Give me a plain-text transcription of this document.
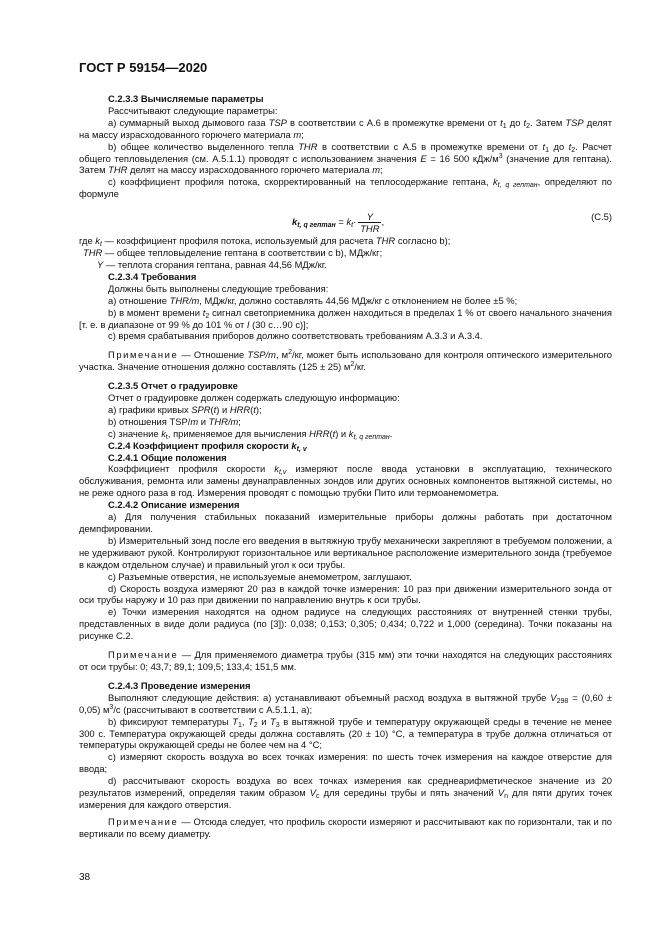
ГОСТ Р 59154—2020

С.2.3.3 Вычисляемые параметры

Рассчитывают следующие параметры:

а) суммарный выход дымового газа TSP в соответствии с А.6 в промежутке времени от $t_1$ до $t_2$. Затем TSP делят на массу израсходованного горючего материала m;

b) общее количество выделенного тепла THR в соответствии с А.5 в промежутке времени от $t_1$ до $t_2$. Расчет общего тепловыделения (см. А.5.1.1) проводят с использованием значения E = 16 500 кДж/$м^3$ (значение для гептана). Затем THR делят на массу израсходованного горючего материала m;

с) коэффициент профиля потока, скорректированный на теплосодержание гептана, $k_{t, q гептан}$, определяют по формуле

$k_{t, q гептан} = k_t\cdot \frac{Y}{\text{THR}}$ ,	(С.5)

где $k_t$ — коэффициент профиля потока, используемый для расчета THR согласно b);

THR — общее тепловыделение гептана в соответствии с b), МДж/кг;

Y — теплота сгорания гептана, равная 44,56 МДж/кг.

С.2.3.4 Требования

Должны быть выполнены следующие требования:

а) отношение THR/m, МДж/кг, должно составлять 44,56 МДж/кг с отклонением не более ±5 %;

b) в момент времени $t_2$ сигнал светоприемника должен находиться в пределах 1 % от своего начального значения [т. е. в диапазоне от 99 % до 101 % от I (30 с…90 с)];

с) время срабатывания приборов должно соответствовать требованиям А.3.3 и А.3.4.

Примечание — Отношение TSP/m, $м^2/кг$, может быть использовано для контроля оптического измерительного участка. Значение отношения должно составлять (125 ± 25) $м^2/кг$.

С.2.3.5 Отчет о градуировке

Отчет о градуировке должен содержать следующую информацию:

а) графики кривых SPR(t) и HRR(t);

b) отношения TSP/m и THR/m;

с) значение $k_t$, применяемое для вычисления HRR(t) и $k_{t, q гептан}$.

С.2.4 Коэффициент профиля скорости $k_{t, v}$

С.2.4.1 Общие положения

Коэффициент профиля скорости $k_{t,v}$ измеряют после ввода установки в эксплуатацию, технического обслуживания, ремонта или замены двунаправленных зондов или других основных компонентов вытяжной системы, но не реже одного раза в год. Измерения проводят с помощью трубки Пито или термоанемометра.

С.2.4.2 Описание измерения

а) Для получения стабильных показаний измерительные приборы должны работать при достаточном демпфировании.

b) Измерительный зонд после его введения в вытяжную трубу механически закрепляют в требуемом положении, а не удерживают рукой. Контролируют горизонтальное или вертикальное расположение измерительного зонда (требуемое в каждом отдельном случае) и правильный угол к оси трубы.

с) Разъемные отверстия, не используемые анемометром, заглушают.

d) Скорость воздуха измеряют 20 раз в каждой точке измерения: 10 раз при движении измерительного зонда от оси трубы наружу и 10 раз при движении по направлению внутрь к оси трубы.

е) Точки измерения находятся на одном радиусе на следующих расстояниях от внутренней стенки трубы, представленных в виде доли радиуса (по [3]): 0,038; 0,153; 0,305; 0,434; 0,722 и 1,000 (середина). Точки показаны на рисунке С.2.

Примечание — Для применяемого диаметра трубы (315 мм) эти точки находятся на следующих расстояниях от оси трубы: 0; 43,7; 89,1; 109,5; 133,4; 151,5 мм.

С.2.4.3 Проведение измерения

Выполняют следующие действия: а) устанавливают объемный расход воздуха в вытяжной трубе $V_{298} = (0,60 \pm 0,05)$ $м^3/с$ (рассчитывают в соответствии с А.5.1.1, а);

b) фиксируют температуры $T_1$, $T_2$ и $T_3$ в вытяжной трубе и температуру окружающей среды в течение не менее 300 с. Температура окружающей среды должна составлять (20 ± 10) °С, а температура в трубе должна отличаться от температуры окружающей среды не более чем на 4 °С;

с) измеряют скорость воздуха во всех точках измерения: по шесть точек измерения на каждое отверстие для ввода;

d) рассчитывают скорость воздуха во всех точках измерения как среднеарифметическое значение из 20 результатов измерений, определяя таким образом $V_c$ для середины трубы и пять значений $V_n$ для пяти других точек измерения для каждого отверстия.

Примечание — Отсюда следует, что профиль скорости измеряют и рассчитывают как по горизонтали, так и по вертикали по всему диаметру.

38
